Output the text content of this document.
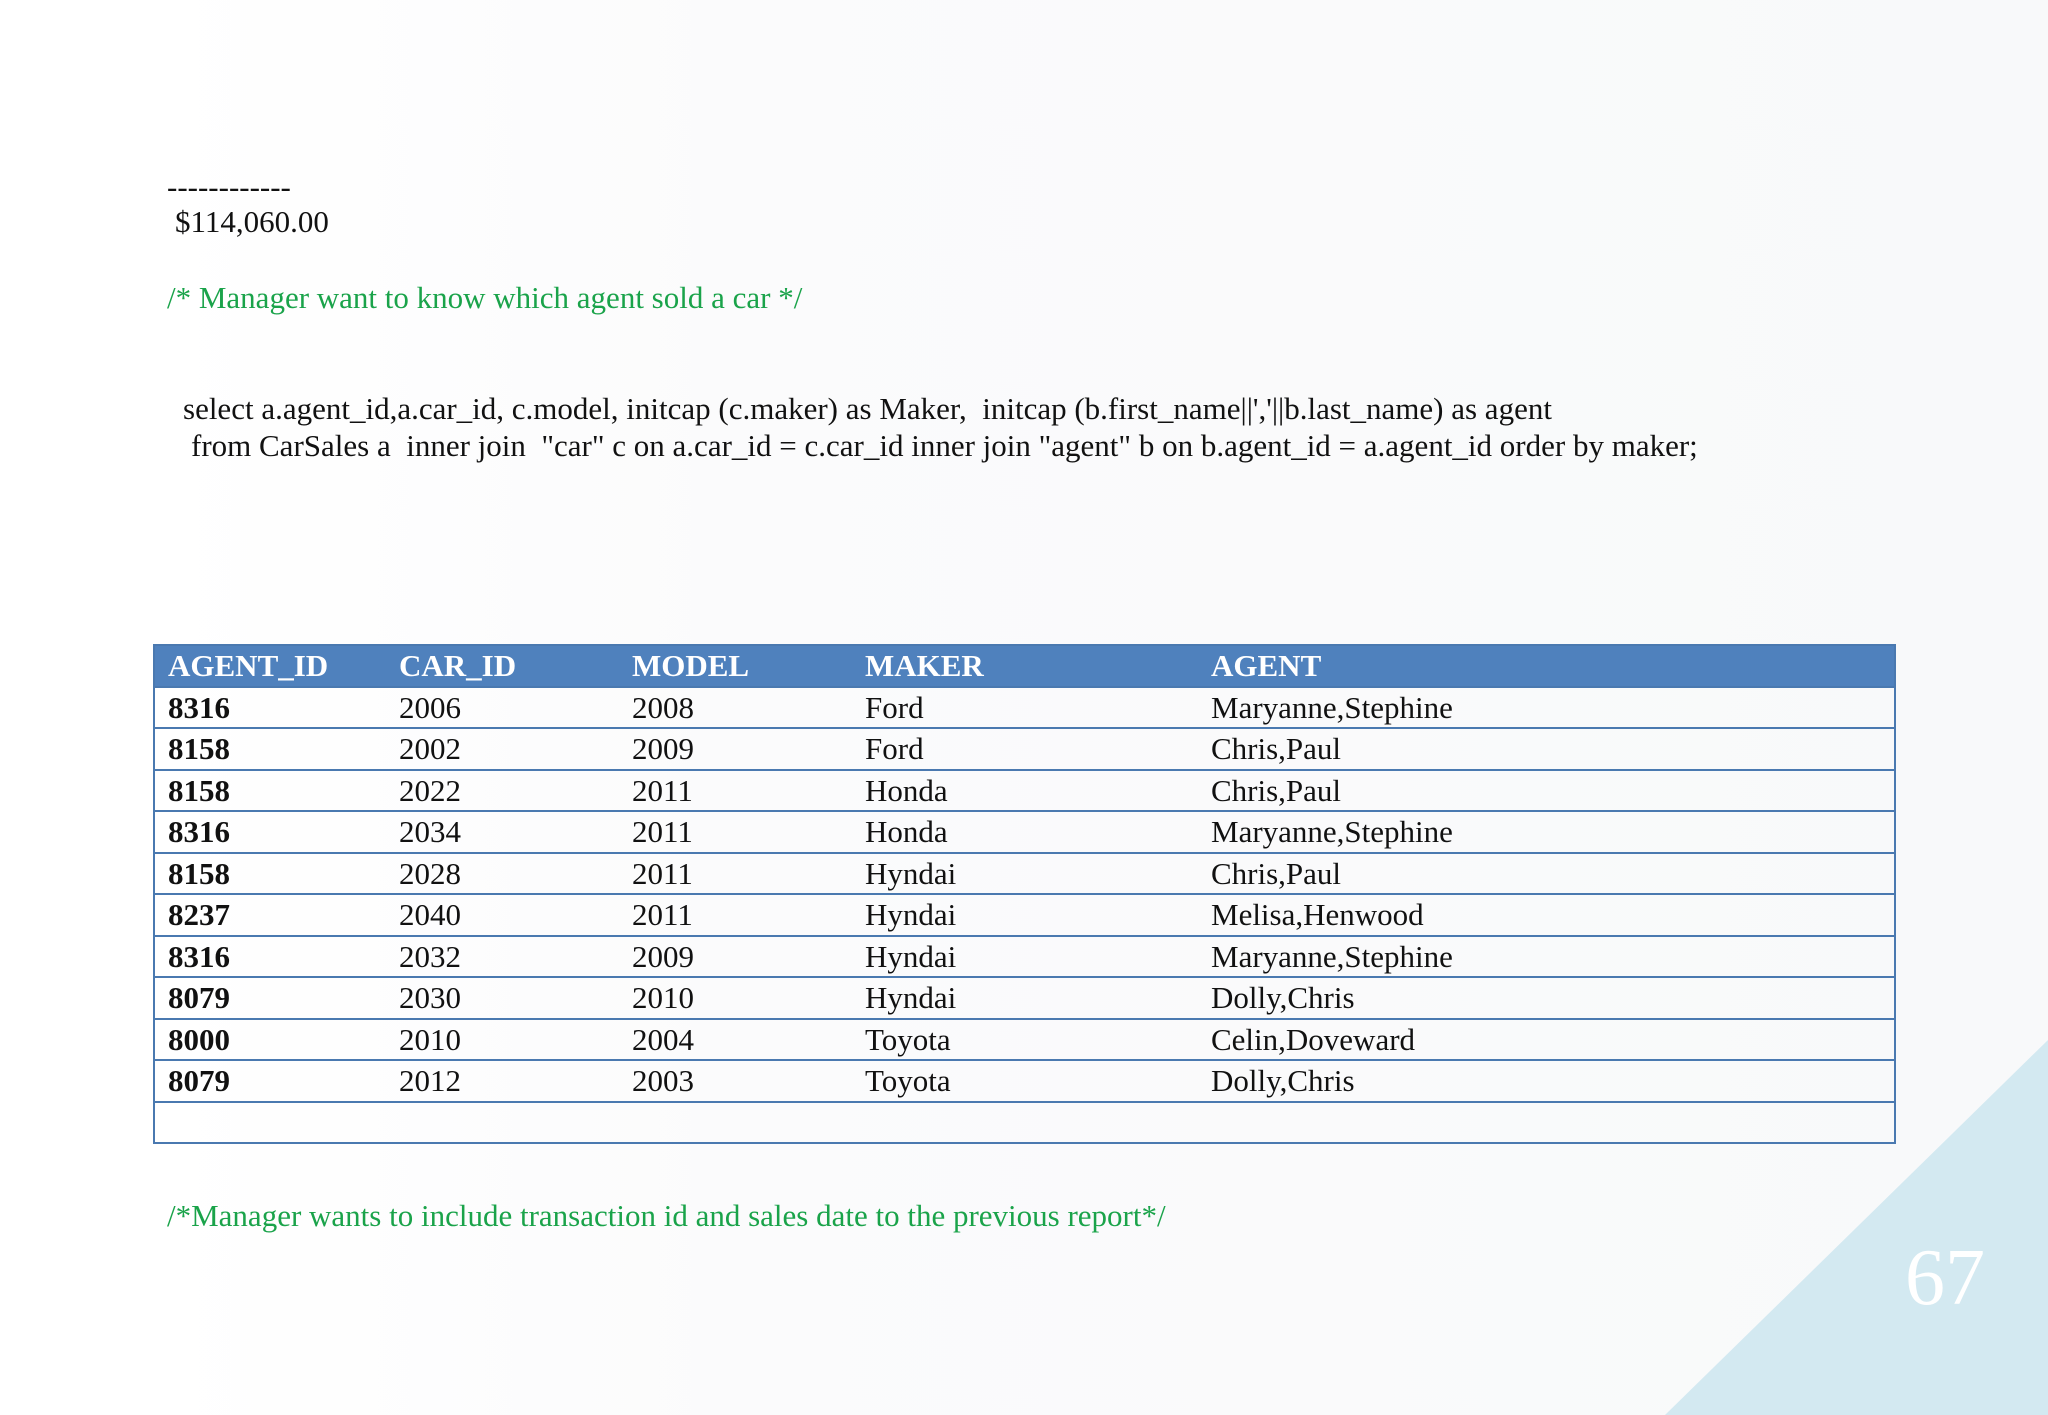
67
------------
$114,060.00
/* Manager want to know which agent sold a car */
select a.agent_id,a.car_id, c.model, initcap (c.maker) as Maker,  initcap (b.first_name||','||b.last_name) as agent
from CarSales a  inner join  "car" c on a.car_id = c.car_id inner join "agent" b on b.agent_id = a.agent_id order by maker;
AGENT_ID	CAR_ID	MODEL	MAKER	AGENT
8316	2006	2008	Ford	Maryanne,Stephine
8158	2002	2009	Ford	Chris,Paul
8158	2022	2011	Honda	Chris,Paul
8316	2034	2011	Honda	Maryanne,Stephine
8158	2028	2011	Hyndai	Chris,Paul
8237	2040	2011	Hyndai	Melisa,Henwood
8316	2032	2009	Hyndai	Maryanne,Stephine
8079	2030	2010	Hyndai	Dolly,Chris
8000	2010	2004	Toyota	Celin,Doveward
8079	2012	2003	Toyota	Dolly,Chris

/*Manager wants to include transaction id and sales date to the previous report*/
